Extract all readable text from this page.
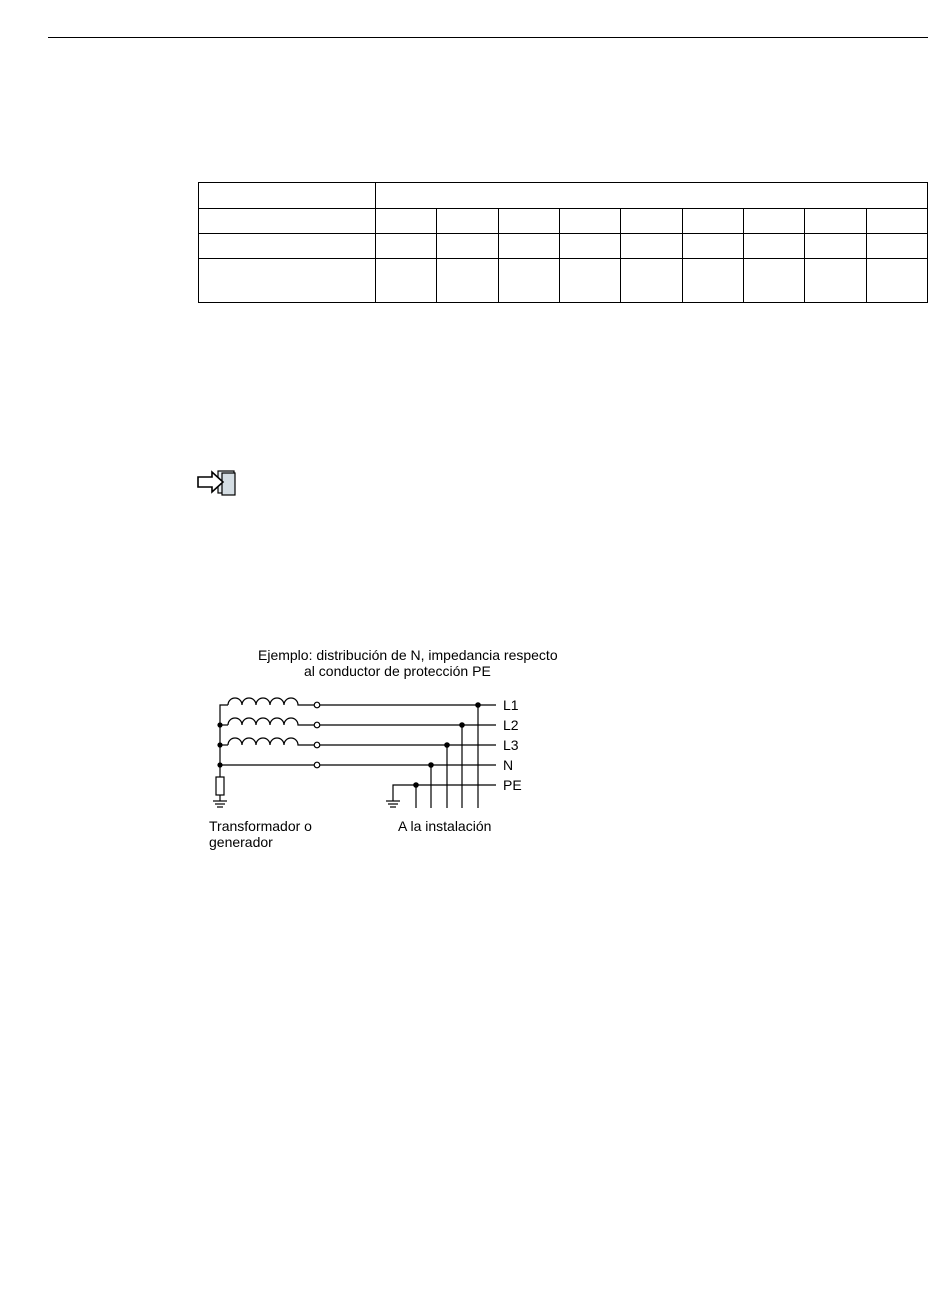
Ejemplo: distribución de N, impedancia respecto
al conductor de protección PE
L1
L2
L3
N
PE
Transformador o
generador
A la instalación
